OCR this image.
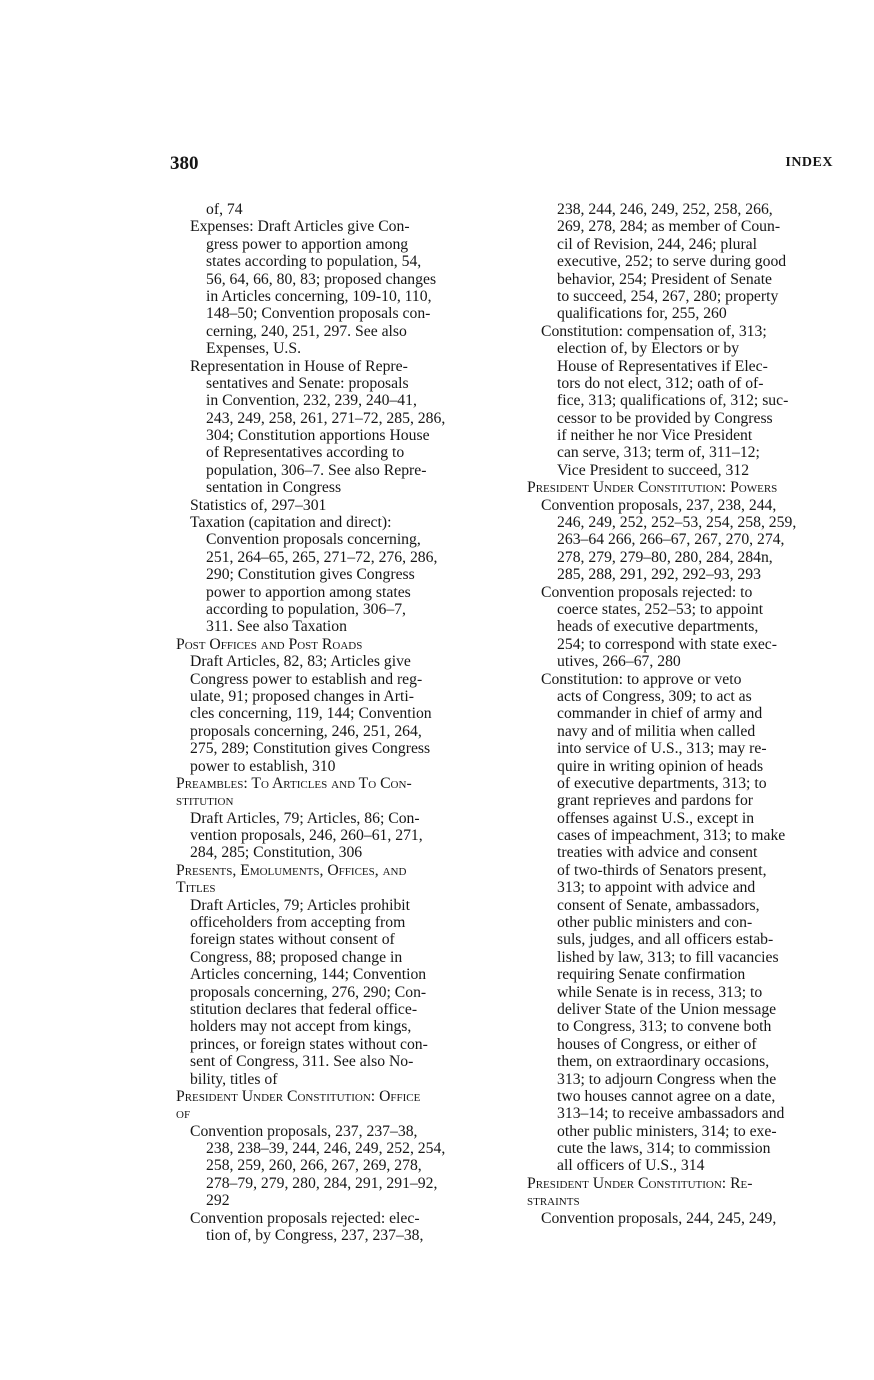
380	INDEX
of, 74
Expenses: Draft Articles give Con-
gress power to apportion among
states according to population, 54,
56, 64, 66, 80, 83; proposed changes
in Articles concerning, 109-10, 110,
148–50; Convention proposals con-
cerning, 240, 251, 297. See also
Expenses, U.S.
Representation in House of Repre-
sentatives and Senate: proposals
in Convention, 232, 239, 240–41,
243, 249, 258, 261, 271–72, 285, 286,
304; Constitution apportions House
of Representatives according to
population, 306–7. See also Repre-
sentation in Congress
Statistics of, 297–301
Taxation (capitation and direct):
Convention proposals concerning,
251, 264–65, 265, 271–72, 276, 286,
290; Constitution gives Congress
power to apportion among states
according to population, 306–7,
311. See also Taxation
Post Offices and Post Roads
Draft Articles, 82, 83; Articles give
Congress power to establish and reg-
ulate, 91; proposed changes in Arti-
cles concerning, 119, 144; Convention
proposals concerning, 246, 251, 264,
275, 289; Constitution gives Congress
power to establish, 310
Preambles: To Articles and To Con-
stitution
Draft Articles, 79; Articles, 86; Con-
vention proposals, 246, 260–61, 271,
284, 285; Constitution, 306
Presents, Emoluments, Offices, and
Titles
Draft Articles, 79; Articles prohibit
officeholders from accepting from
foreign states without consent of
Congress, 88; proposed change in
Articles concerning, 144; Convention
proposals concerning, 276, 290; Con-
stitution declares that federal office-
holders may not accept from kings,
princes, or foreign states without con-
sent of Congress, 311. See also No-
bility, titles of
President Under Constitution: Office
of
Convention proposals, 237, 237–38,
238, 238–39, 244, 246, 249, 252, 254,
258, 259, 260, 266, 267, 269, 278,
278–79, 279, 280, 284, 291, 291–92,
292
Convention proposals rejected: elec-
tion of, by Congress, 237, 237–38,
238, 244, 246, 249, 252, 258, 266,
269, 278, 284; as member of Coun-
cil of Revision, 244, 246; plural
executive, 252; to serve during good
behavior, 254; President of Senate
to succeed, 254, 267, 280; property
qualifications for, 255, 260
Constitution: compensation of, 313;
election of, by Electors or by
House of Representatives if Elec-
tors do not elect, 312; oath of of-
fice, 313; qualifications of, 312; suc-
cessor to be provided by Congress
if neither he nor Vice President
can serve, 313; term of, 311–12;
Vice President to succeed, 312
President Under Constitution: Powers
Convention proposals, 237, 238, 244,
246, 249, 252, 252–53, 254, 258, 259,
263–64 266, 266–67, 267, 270, 274,
278, 279, 279–80, 280, 284, 284n,
285, 288, 291, 292, 292–93, 293
Convention proposals rejected: to
coerce states, 252–53; to appoint
heads of executive departments,
254; to correspond with state exec-
utives, 266–67, 280
Constitution: to approve or veto
acts of Congress, 309; to act as
commander in chief of army and
navy and of militia when called
into service of U.S., 313; may re-
quire in writing opinion of heads
of executive departments, 313; to
grant reprieves and pardons for
offenses against U.S., except in
cases of impeachment, 313; to make
treaties with advice and consent
of two-thirds of Senators present,
313; to appoint with advice and
consent of Senate, ambassadors,
other public ministers and con-
suls, judges, and all officers estab-
lished by law, 313; to fill vacancies
requiring Senate confirmation
while Senate is in recess, 313; to
deliver State of the Union message
to Congress, 313; to convene both
houses of Congress, or either of
them, on extraordinary occasions,
313; to adjourn Congress when the
two houses cannot agree on a date,
313–14; to receive ambassadors and
other public ministers, 314; to exe-
cute the laws, 314; to commission
all officers of U.S., 314
President Under Constitution: Re-
straints
Convention proposals, 244, 245, 249,
